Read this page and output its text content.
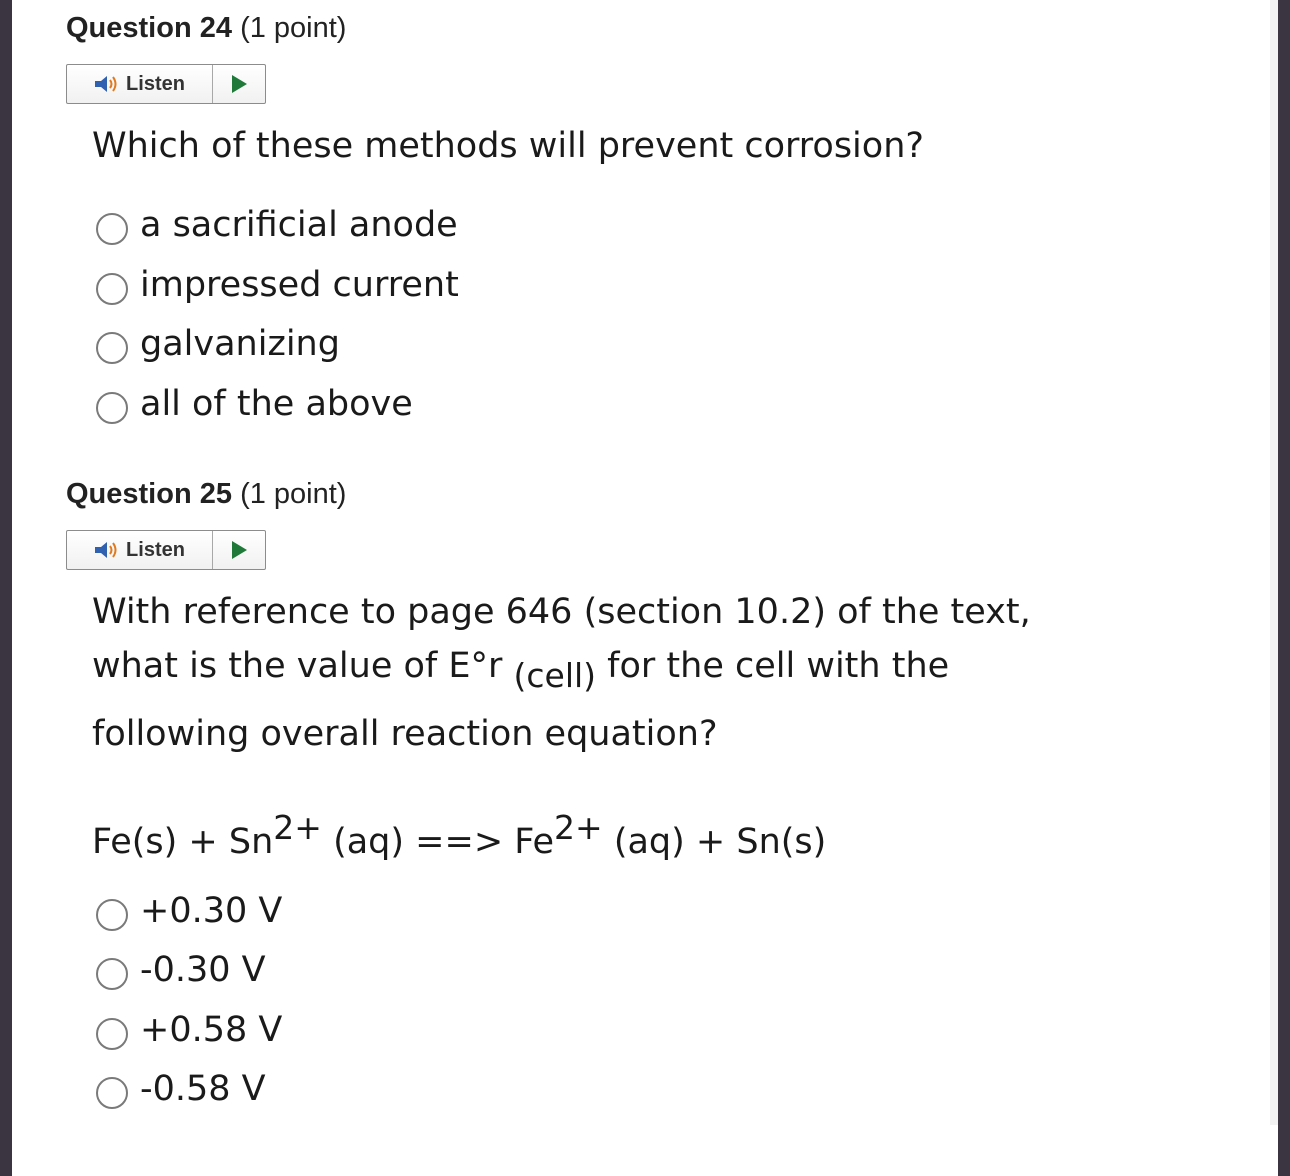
Question 24 (1 point)
Listen
Which of these methods will prevent corrosion?
a sacrificial anode
impressed current
galvanizing
all of the above
Question 25 (1 point)
Listen
With reference to page 646 (section 10.2) of the text,
what is the value of E°r $_{(cell)}$ for the cell with the
following overall reaction equation?
$Fe(s) + Sn^{2+}$ (aq) ==> $Fe^{2+}$ (aq) + Sn(s)
+0.30 V
-0.30 V
+0.58 V
-0.58 V
